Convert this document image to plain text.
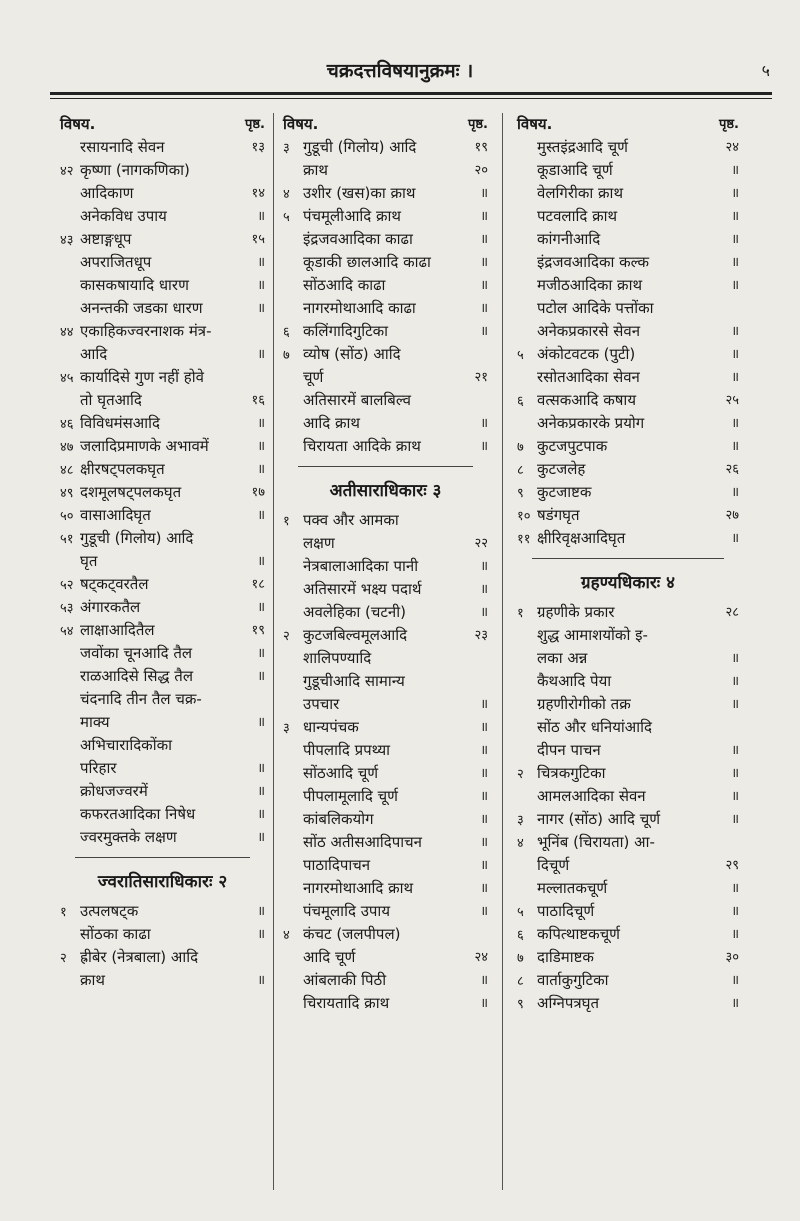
चक्रदत्तविषयानुक्रमः ।	५
विषय.	पृष्ठ.
रसायनादि सेवन	१३
४२ कृष्णा (नागकणिका)
आदिकाण	१४
अनेकविध उपाय	॥
४३ अष्टाङ्गधूप	१५
अपराजितधूप	॥
कासकषायादि धारण	॥
अनन्तकी जडका धारण	॥
४४ एकाहिकज्वरनाशक मंत्र-
आदि	॥
४५ कार्यादिसे गुण नहीं होवे
तो घृतआदि	१६
४६ विविधमंसआदि	॥
४७ जलादिप्रमाणके अभावमें	॥
४८ क्षीरषट्पलकघृत	॥
४९ दशमूलषट्पलकघृत	१७
५० वासाआदिघृत	॥
५१ गुडूची (गिलोय) आदि
घृत	॥
५२ षट्कट्वरतैल	१८
५३ अंगारकतैल	॥
५४ लाक्षाआदितैल	१९
जवोंका चूनआदि तैल	॥
राळआदिसे सिद्ध तैल	॥
चंदनादि तीन तैल चक्र-
माक्य	॥
अभिचारादिकोंका
परिहार	॥
क्रोधजज्वरमें	॥
कफरतआदिका निषेध	॥
ज्वरमुक्तके लक्षण	॥
ज्वरातिसाराधिकारः २
१ उत्पलषट्क	॥
सोंठका काढा	॥
२ ह्रीबेर (नेत्रबाला) आदि
क्राथ	॥
विषय.	पृष्ठ.
३ गुडूची (गिलोय) आदि	१९
क्राथ	२०
४ उशीर (खस)का क्राथ	॥
५ पंचमूलीआदि क्राथ	॥
इंद्रजवआदिका काढा	॥
कूडाकी छालआदि काढा	॥
सोंठआदि काढा	॥
नागरमोथाआदि काढा	॥
६ कलिंगादिगुटिका	॥
७ व्योष (सोंठ) आदि
चूर्ण	२१
अतिसारमें बालबिल्व
आदि क्राथ	॥
चिरायता आदिके क्राथ	॥
अतीसाराधिकारः ३
१ पक्व और आमका
लक्षण	२२
नेत्रबालाआदिका पानी	॥
अतिसारमें भक्ष्य पदार्थ	॥
अवलेहिका (चटनी)	॥
२ कुटजबिल्वमूलआदि	२३
शालिपण्यादि
गुडूचीआदि सामान्य
उपचार	॥
३ धान्यपंचक	॥
पीपलादि प्रपथ्या	॥
सोंठआदि चूर्ण	॥
पीपलामूलादि चूर्ण	॥
कांबलिकयोग	॥
सोंठ अतीसआदिपाचन	॥
पाठादिपाचन	॥
नागरमोथाआदि क्राथ	॥
पंचमूलादि उपाय	॥
४ कंचट (जलपीपल)
आदि चूर्ण	२४
आंबलाकी पिठी	॥
चिरायतादि क्राथ	॥
विषय.	पृष्ठ.
मुस्तइंद्रआदि चूर्ण	२४
कूडाआदि चूर्ण	॥
वेलगिरीका क्राथ	॥
पटवलादि क्राथ	॥
कांगनीआदि	॥
इंद्रजवआदिका कल्क	॥
मजीठआदिका क्राथ	॥
पटोल आदिके पत्तोंका
अनेकप्रकारसे सेवन	॥
५ अंकोटवटक (पुटी)	॥
रसोतआदिका सेवन	॥
६ वत्सकआदि कषाय	२५
अनेकप्रकारके प्रयोग	॥
७ कुटजपुटपाक	॥
८ कुटजलेह	२६
९ कुटजाष्टक	॥
१० षडंगघृत	२७
११ क्षीरिवृक्षआदिघृत	॥
ग्रहण्यधिकारः ४
१ ग्रहणीके प्रकार	२८
शुद्ध आमाशयोंको इ-
लका अन्न	॥
कैथआदि पेया	॥
ग्रहणीरोगीको तक्र	॥
सोंठ और धनियांआदि
दीपन पाचन	॥
२ चित्रकगुटिका	॥
आमलआदिका सेवन	॥
३ नागर (सोंठ) आदि चूर्ण	॥
४ भूनिंब (चिरायता) आ-
दिचूर्ण	२९
मल्लातकचूर्ण	॥
५ पाठादिचूर्ण	॥
६ कपित्थाष्टकचूर्ण	॥
७ दाडिमाष्टक	३०
८ वार्ताकुगुटिका	॥
९ अग्निपत्रघृत	॥
